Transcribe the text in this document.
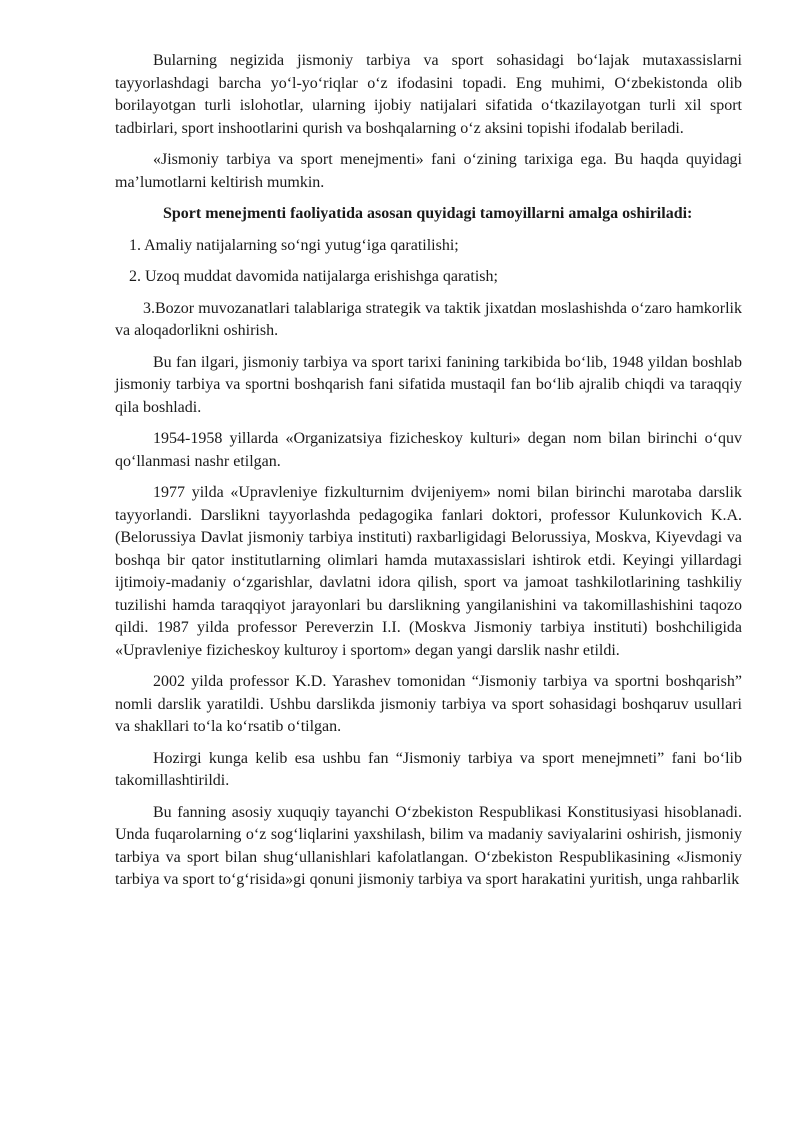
Bularning negizida jismoniy tarbiya va sport sohasidagi bo‘lajak mutaxassislarni tayyorlashdagi barcha yo‘l-yo‘riqlar o‘z ifodasini topadi. Eng muhimi, O‘zbekistonda olib borilayotgan turli islohotlar, ularning ijobiy natijalari sifatida o‘tkazilayotgan turli xil sport tadbirlari, sport inshootlarini qurish va boshqalarning o‘z aksini topishi ifodalab beriladi.

«Jismoniy tarbiya va sport menejmenti» fani o‘zining tarixiga ega. Bu haqda quyidagi ma’lumotlarni keltirish mumkin.

Sport menejmenti faoliyatida asosan quyidagi tamoyillarni amalga oshiriladi:

1. Amaliy natijalarning so‘ngi yutug‘iga qaratilishi;

2. Uzoq muddat davomida natijalarga erishishga qaratish;

3.Bozor muvozanatlari talablariga strategik va taktik jixatdan moslashishda o‘zaro hamkorlik va aloqadorlikni oshirish.

Bu fan ilgari, jismoniy tarbiya va sport tarixi fanining tarkibida bo‘lib, 1948 yildan boshlab jismoniy tarbiya va sportni boshqarish fani sifatida mustaqil fan bo‘lib ajralib chiqdi va taraqqiy qila boshladi.

1954-1958 yillarda «Organizatsiya fizicheskoy kulturi» degan nom bilan birinchi o‘quv qo‘llanmasi nashr etilgan.

1977 yilda «Upravleniye fizkulturnim dvijeniyem» nomi bilan birinchi marotaba darslik tayyorlandi. Darslikni tayyorlashda pedagogika fanlari doktori, professor Kulunkovich K.A. (Belorussiya Davlat jismoniy tarbiya instituti) raxbarligidagi Belorussiya, Moskva, Kiyevdagi va boshqa bir qator institutlarning olimlari hamda mutaxassislari ishtirok etdi. Keyingi yillardagi ijtimoiy-madaniy o‘zgarishlar, davlatni idora qilish, sport va jamoat tashkilotlarining tashkiliy tuzilishi hamda taraqqiyot jarayonlari bu darslikning yangilanishini va takomillashishini taqozo qildi. 1987 yilda professor Pereverzin I.I. (Moskva Jismoniy tarbiya instituti) boshchiligida «Upravleniye fizicheskoy kulturoy i sportom» degan yangi darslik nashr etildi.

2002 yilda professor K.D. Yarashev tomonidan “Jismoniy tarbiya va sportni boshqarish” nomli darslik yaratildi. Ushbu darslikda jismoniy tarbiya va sport sohasidagi boshqaruv usullari va shakllari to‘la ko‘rsatib o‘tilgan.

Hozirgi kunga kelib esa ushbu fan “Jismoniy tarbiya va sport menejmneti” fani bo‘lib takomillashtirildi.

Bu fanning asosiy xuquqiy tayanchi O‘zbekiston Respublikasi Konstitusiyasi hisoblanadi. Unda fuqarolarning o‘z sog‘liqlarini yaxshilash, bilim va madaniy saviyalarini oshirish, jismoniy tarbiya va sport bilan shug‘ullanishlari kafolatlangan. O‘zbekiston Respublikasining «Jismoniy tarbiya va sport to‘g‘risida»gi qonuni jismoniy tarbiya va sport harakatini yuritish, unga rahbarlik
